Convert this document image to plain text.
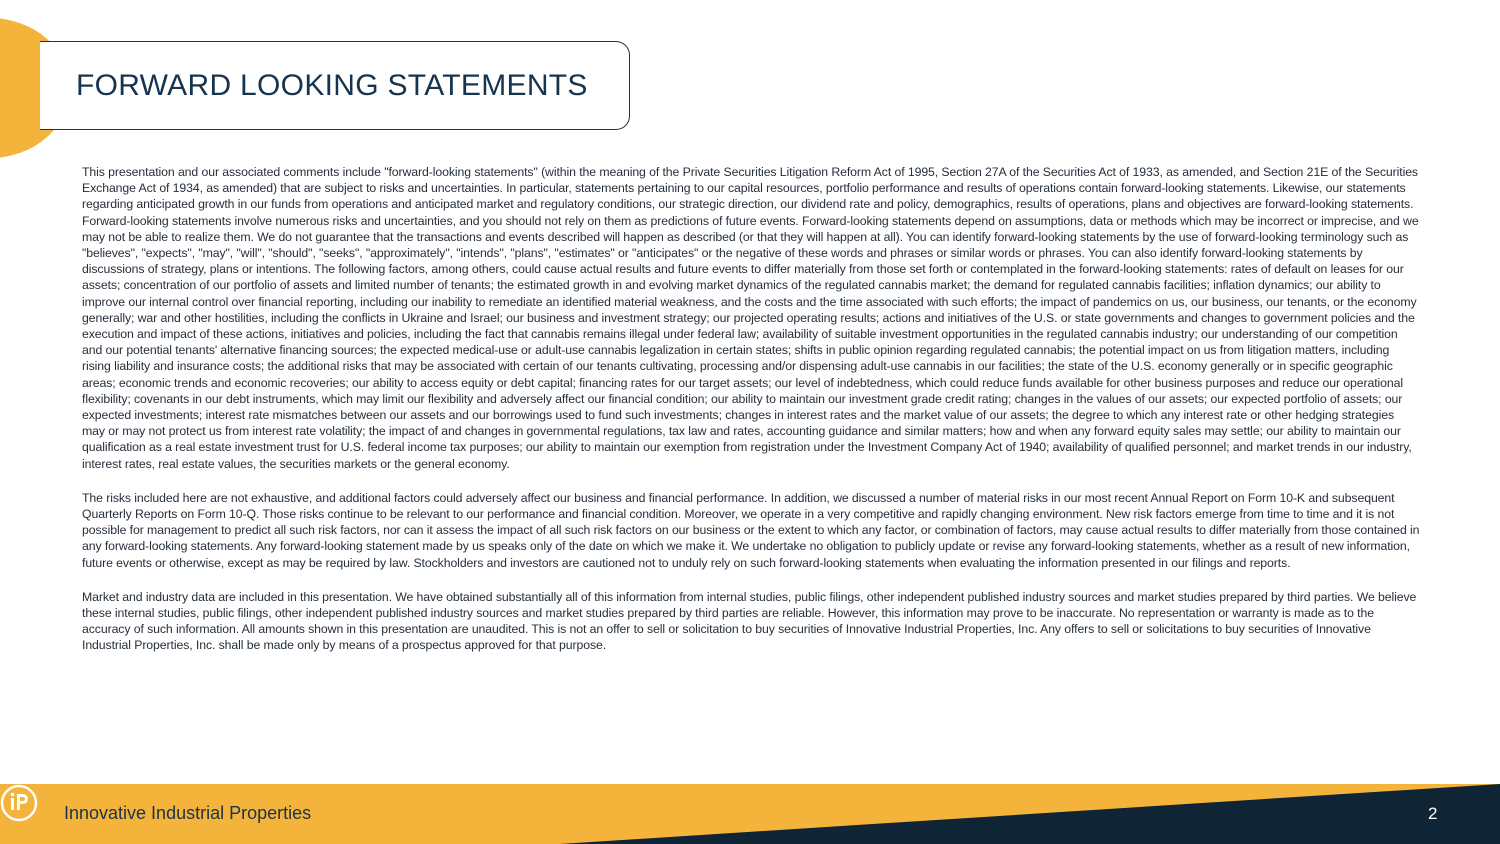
FORWARD LOOKING STATEMENTS

This presentation and our associated comments include "forward-looking statements" (within the meaning of the Private Securities Litigation Reform Act of 1995, Section 27A of the Securities Act of 1933, as amended, and Section 21E of the Securities Exchange Act of 1934, as amended) that are subject to risks and uncertainties. In particular, statements pertaining to our capital resources, portfolio performance and results of operations contain forward-looking statements. Likewise, our statements regarding anticipated growth in our funds from operations and anticipated market and regulatory conditions, our strategic direction, our dividend rate and policy, demographics, results of operations, plans and objectives are forward-looking statements. Forward-looking statements involve numerous risks and uncertainties, and you should not rely on them as predictions of future events. Forward-looking statements depend on assumptions, data or methods which may be incorrect or imprecise, and we may not be able to realize them. We do not guarantee that the transactions and events described will happen as described (or that they will happen at all). You can identify forward-looking statements by the use of forward-looking terminology such as "believes", "expects", "may", "will", "should", "seeks", "approximately", "intends", "plans", "estimates" or "anticipates" or the negative of these words and phrases or similar words or phrases. You can also identify forward-looking statements by discussions of strategy, plans or intentions. The following factors, among others, could cause actual results and future events to differ materially from those set forth or contemplated in the forward-looking statements: rates of default on leases for our assets; concentration of our portfolio of assets and limited number of tenants; the estimated growth in and evolving market dynamics of the regulated cannabis market; the demand for regulated cannabis facilities; inflation dynamics; our ability to improve our internal control over financial reporting, including our inability to remediate an identified material weakness, and the costs and the time associated with such efforts; the impact of pandemics on us, our business, our tenants, or the economy generally; war and other hostilities, including the conflicts in Ukraine and Israel; our business and investment strategy; our projected operating results; actions and initiatives of the U.S. or state governments and changes to government policies and the execution and impact of these actions, initiatives and policies, including the fact that cannabis remains illegal under federal law; availability of suitable investment opportunities in the regulated cannabis industry; our understanding of our competition and our potential tenants' alternative financing sources; the expected medical-use or adult-use cannabis legalization in certain states; shifts in public opinion regarding regulated cannabis; the potential impact on us from litigation matters, including rising liability and insurance costs; the additional risks that may be associated with certain of our tenants cultivating, processing and/or dispensing adult-use cannabis in our facilities; the state of the U.S. economy generally or in specific geographic areas; economic trends and economic recoveries; our ability to access equity or debt capital; financing rates for our target assets; our level of indebtedness, which could reduce funds available for other business purposes and reduce our operational flexibility; covenants in our debt instruments, which may limit our flexibility and adversely affect our financial condition; our ability to maintain our investment grade credit rating; changes in the values of our assets; our expected portfolio of assets; our expected investments; interest rate mismatches between our assets and our borrowings used to fund such investments; changes in interest rates and the market value of our assets; the degree to which any interest rate or other hedging strategies may or may not protect us from interest rate volatility; the impact of and changes in governmental regulations, tax law and rates, accounting guidance and similar matters; how and when any forward equity sales may settle; our ability to maintain our qualification as a real estate investment trust for U.S. federal income tax purposes; our ability to maintain our exemption from registration under the Investment Company Act of 1940; availability of qualified personnel; and market trends in our industry, interest rates, real estate values, the securities markets or the general economy.

The risks included here are not exhaustive, and additional factors could adversely affect our business and financial performance. In addition, we discussed a number of material risks in our most recent Annual Report on Form 10-K and subsequent Quarterly Reports on Form 10-Q. Those risks continue to be relevant to our performance and financial condition. Moreover, we operate in a very competitive and rapidly changing environment. New risk factors emerge from time to time and it is not possible for management to predict all such risk factors, nor can it assess the impact of all such risk factors on our business or the extent to which any factor, or combination of factors, may cause actual results to differ materially from those contained in any forward-looking statements. Any forward-looking statement made by us speaks only of the date on which we make it. We undertake no obligation to publicly update or revise any forward-looking statements, whether as a result of new information, future events or otherwise, except as may be required by law. Stockholders and investors are cautioned not to unduly rely on such forward-looking statements when evaluating the information presented in our filings and reports.

Market and industry data are included in this presentation. We have obtained substantially all of this information from internal studies, public filings, other independent published industry sources and market studies prepared by third parties. We believe these internal studies, public filings, other independent published industry sources and market studies prepared by third parties are reliable. However, this information may prove to be inaccurate. No representation or warranty is made as to the accuracy of such information. All amounts shown in this presentation are unaudited. This is not an offer to sell or solicitation to buy securities of Innovative Industrial Properties, Inc. Any offers to sell or solicitations to buy securities of Innovative Industrial Properties, Inc. shall be made only by means of a prospectus approved for that purpose.

Innovative Industrial Properties	2
